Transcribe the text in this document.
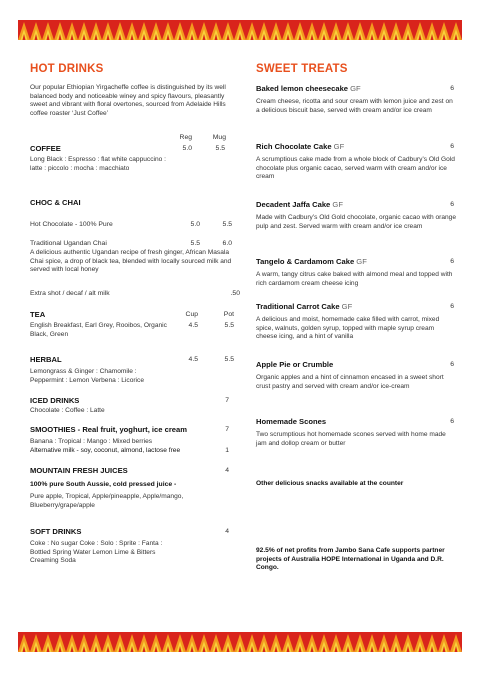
HOT DRINKS
Our popular Ethiopian Yirgacheffe coffee is distinguished by its well balanced body and noticeable winey and spicy flavours, pleasantly sweet and vibrant with floral overtones, sourced from Adelaide Hills coffee roaster ‘Just Coffee’
Reg	Mug
COFFEE	5.0	5.5
Long Black : Espresso : flat white cappuccino : latte : piccolo : mocha : macchiato
CHOC & CHAI
Hot Chocolate - 100% Pure	5.0	5.5
Traditional Ugandan Chai	5.5	6.0
A delicious authentic Ugandan recipe of fresh ginger, African Masala Chai spice, a drop of black tea, blended with locally sourced milk and served with local honey
Extra shot / decaf / alt milk	.50
TEA	Cup	Pot
4.5	5.5
English Breakfast, Earl Grey, Rooibos, Organic Black, Green
HERBAL	4.5	5.5
Lemongrass & Ginger : Chamomile : Peppermint : Lemon Verbena : Licorice
ICED DRINKS	7
Chocolate : Coffee : Latte
SMOOTHIES - Real fruit, yoghurt, ice cream	7
Banana : Tropical : Mango : Mixed berries
Alternative milk - soy, coconut, almond, lactose free	1
MOUNTAIN FRESH JUICES	4
100% pure South Aussie, cold pressed juice -
Pure apple, Tropical, Apple/pineapple, Apple/mango, Blueberry/grape/apple
SOFT DRINKS	4
Coke : No sugar Coke : Solo : Sprite : Fanta : Bottled Spring Water Lemon Lime & Bitters Creaming Soda
SWEET TREATS
Baked lemon cheesecake GF	6
Cream cheese, ricotta and sour cream with lemon juice and zest on a delicious biscuit base, served with cream and/or ice cream
Rich Chocolate Cake GF	6
A scrumptious cake made from a whole block of Cadbury’s Old Gold chocolate plus organic cacao, served warm with cream and/or ice cream
Decadent Jaffa Cake GF	6
Made with Cadbury’s Old Gold chocolate, organic cacao with orange pulp and zest. Served warm with cream and/or ice cream
Tangelo & Cardamom Cake GF	6
A warm, tangy citrus cake baked with almond meal and topped with rich cardamom cream cheese icing
Traditional Carrot Cake GF	6
A delicious and moist, homemade cake filled with carrot, mixed spice, walnuts, golden syrup, topped with maple syrup cream cheese icing, and a hint of vanilla
Apple Pie or Crumble	6
Organic apples and a hint of cinnamon encased in a sweet short crust pastry and served with cream and/or ice-cream
Homemade Scones	6
Two scrumptious hot homemade scones served with home made jam and dollop cream or butter
Other delicious snacks available at the counter
92.5% of net profits from Jambo Sana Cafe supports partner projects of Australia HOPE International in Uganda and D.R. Congo.
